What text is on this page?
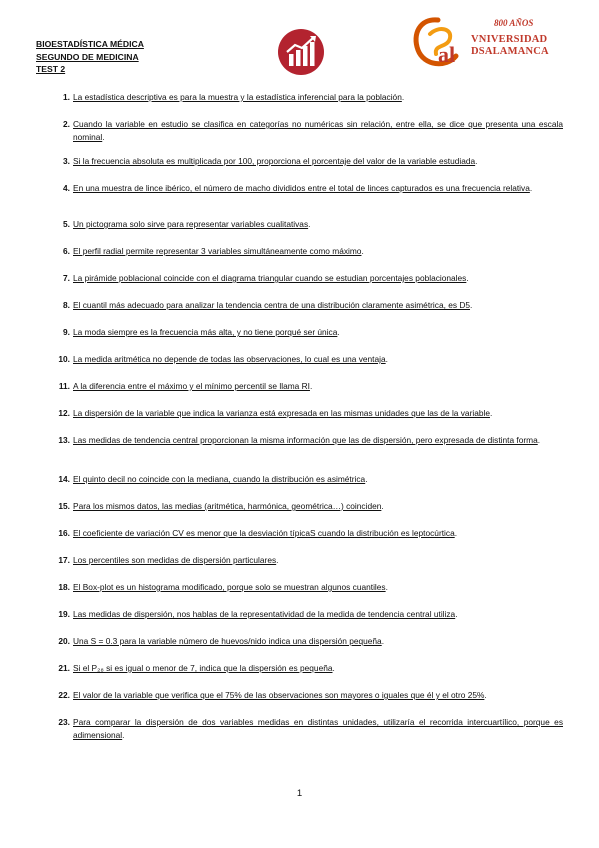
BIOESTADÍSTICA MÉDICA
SEGUNDO DE MEDICINA
TEST 2
al
800 AÑOS
VNIVERSIDAD
DSALAMANCA
1. La estadística descriptiva es para la muestra y la estadística inferencial para la población.
2. Cuando la variable en estudio se clasifica en categorías no numéricas sin relación, entre ella, se dice que presenta una escala nominal.
3. Si la frecuencia absoluta es multiplicada por 100, proporciona el porcentaje del valor de la variable estudiada.
4. En una muestra de lince ibérico, el número de macho divididos entre el total de linces capturados es una frecuencia relativa.
5. Un pictograma solo sirve para representar variables cualitativas.
6. El perfil radial permite representar 3 variables simultáneamente como máximo.
7. La pirámide poblacional coincide con el diagrama triangular cuando se estudian porcentajes poblacionales.
8. El cuantil más adecuado para analizar la tendencia centra de una distribución claramente asimétrica, es D5.
9. La moda siempre es la frecuencia más alta, y no tiene porqué ser única.
10. La medida aritmética no depende de todas las observaciones, lo cual es una ventaja.
11. A la diferencia entre el máximo y el mínimo percentil se llama RI.
12. La dispersión de la variable que indica la varianza está expresada en las mismas unidades que las de la variable.
13. Las medidas de tendencia central proporcionan la misma información que las de dispersión, pero expresada de distinta forma.
14. El quinto decil no coincide con la mediana, cuando la distribución es asimétrica.
15. Para los mismos datos, las medias (aritmética, harmónica, geométrica…) coinciden.
16. El coeficiente de variación CV es menor que la desviación típicaS cuando la distribución es leptocúrtica.
17. Los percentiles son medidas de dispersión particulares.
18. El Box-plot es un histograma modificado, porque solo se muestran algunos cuantiles.
19. Las medidas de dispersión, nos hablas de la representatividad de la medida de tendencia central utiliza.
20. Una S = 0.3 para la variable número de huevos/nido indica una dispersión pequeña.
21. Si el P₂₈ si es igual o menor de 7, indica que la dispersión es pequeña.
22. El valor de la variable que verifica que el 75% de las observaciones son mayores o iguales que él y el otro 25%.
23. Para comparar la dispersión de dos variables medidas en distintas unidades, utilizaría el recorrida intercuartílico, porque es adimensional.
1
